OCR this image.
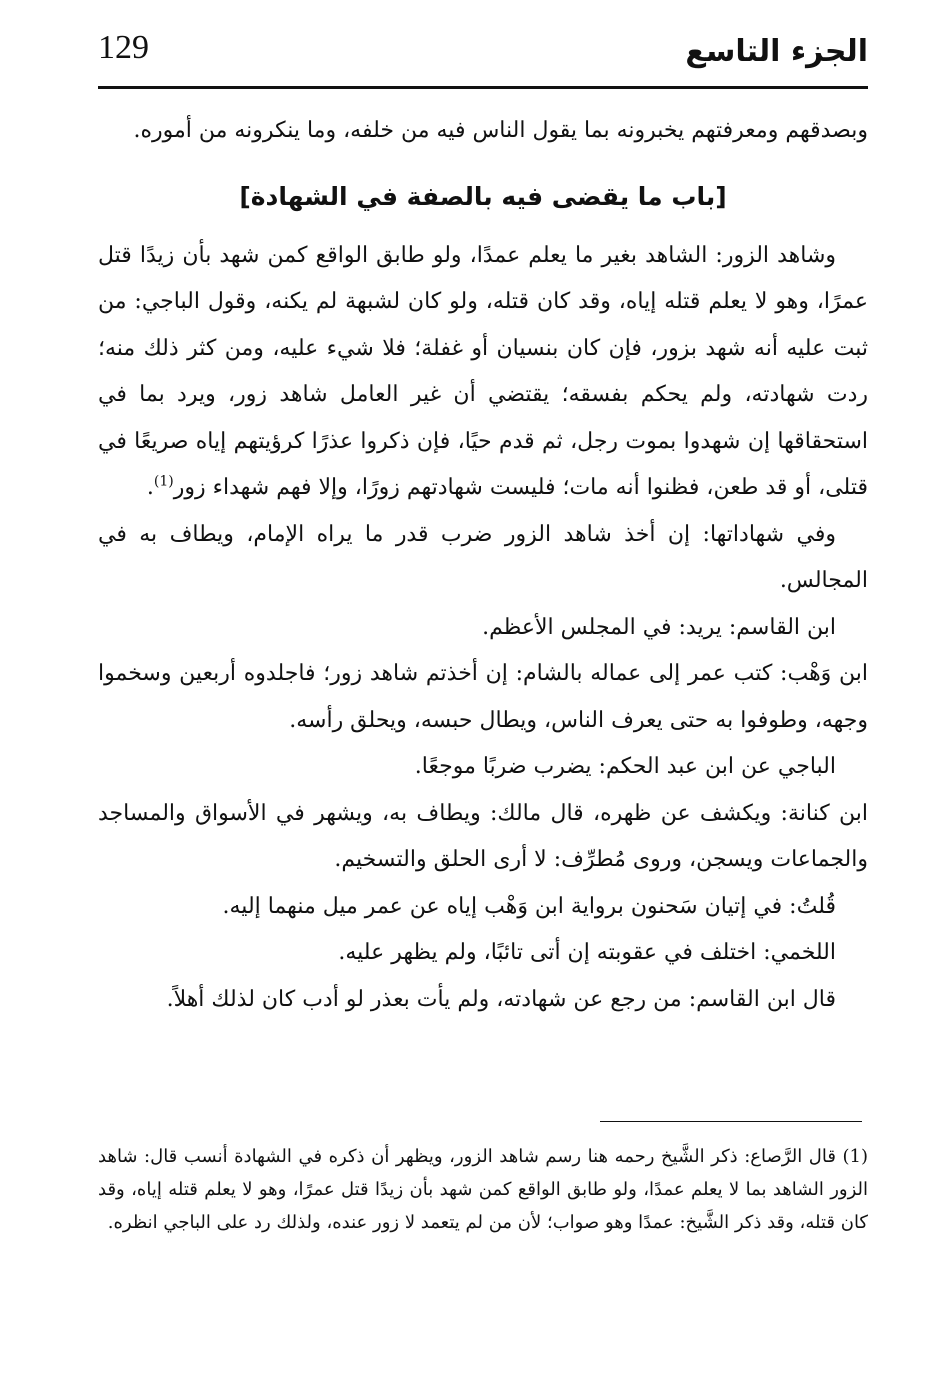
129	الجزء التاسع

وبصدقهم ومعرفتهم يخبرونه بما يقول الناس فيه من خلفه، وما ينكرونه من أموره.

[باب ما يقضى فيه بالصفة في الشهادة]

وشاهد الزور: الشاهد بغير ما يعلم عمدًا، ولو طابق الواقع كمن شهد بأن زيدًا قتل عمرًا، وهو لا يعلم قتله إياه، وقد كان قتله، ولو كان لشبهة لم يكنه، وقول الباجي: من ثبت عليه أنه شهد بزور، فإن كان بنسيان أو غفلة؛ فلا شيء عليه، ومن كثر ذلك منه؛ ردت شهادته، ولم يحكم بفسقه؛ يقتضي أن غير العامل شاهد زور، ويرد بما في استحقاقها إن شهدوا بموت رجل، ثم قدم حيًا، فإن ذكروا عذرًا كرؤيتهم إياه صريعًا في قتلى، أو قد طعن، فظنوا أنه مات؛ فليست شهادتهم زورًا، وإلا فهم شهداء زور$^{(1)}$.

وفي شهاداتها: إن أخذ شاهد الزور ضرب قدر ما يراه الإمام، ويطاف به في المجالس.

ابن القاسم: يريد: في المجلس الأعظم.

ابن وَهْب: كتب عمر إلى عماله بالشام: إن أخذتم شاهد زور؛ فاجلدوه أربعين وسخموا وجهه، وطوفوا به حتى يعرف الناس، ويطال حبسه، ويحلق رأسه.

الباجي عن ابن عبد الحكم: يضرب ضربًا موجعًا.

ابن كنانة: ويكشف عن ظهره، قال مالك: ويطاف به، ويشهر في الأسواق والمساجد والجماعات ويسجن، وروى مُطرِّف: لا أرى الحلق والتسخيم.

قُلتُ: في إتيان سَحنون برواية ابن وَهْب إياه عن عمر ميل منهما إليه.

اللخمي: اختلف في عقوبته إن أتى تائبًا، ولم يظهر عليه.

قال ابن القاسم: من رجع عن شهادته، ولم يأت بعذر لو أدب كان لذلك أهلاً.

(1) قال الرَّصاع: ذكر الشَّيخ رحمه هنا رسم شاهد الزور، ويظهر أن ذكره في الشهادة أنسب قال: شاهد الزور الشاهد بما لا يعلم عمدًا، ولو طابق الواقع كمن شهد بأن زيدًا قتل عمرًا، وهو لا يعلم قتله إياه، وقد كان قتله، وقد ذكر الشَّيخ: عمدًا وهو صواب؛ لأن من لم يتعمد لا زور عنده، ولذلك رد على الباجي انظره.
